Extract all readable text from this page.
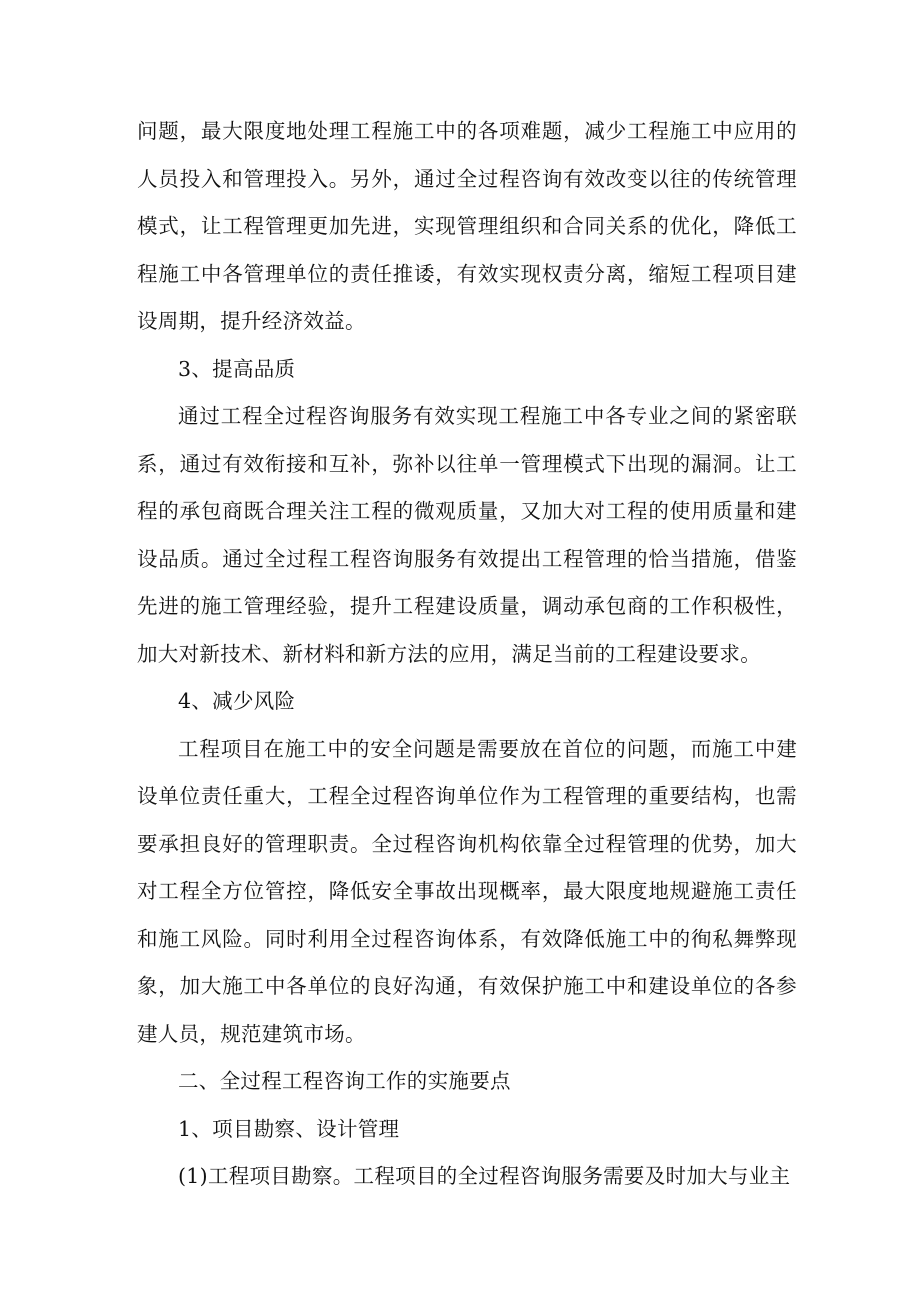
问题，最大限度地处理工程施工中的各项难题，减少工程施工中应用的人员投入和管理投入。另外，通过全过程咨询有效改变以往的传统管理模式，让工程管理更加先进，实现管理组织和合同关系的优化，降低工程施工中各管理单位的责任推诿，有效实现权责分离，缩短工程项目建设周期，提升经济效益。

3、提高品质

通过工程全过程咨询服务有效实现工程施工中各专业之间的紧密联系，通过有效衔接和互补，弥补以往单一管理模式下出现的漏洞。让工程的承包商既合理关注工程的微观质量，又加大对工程的使用质量和建设品质。通过全过程工程咨询服务有效提出工程管理的恰当措施，借鉴先进的施工管理经验，提升工程建设质量，调动承包商的工作积极性，加大对新技术、新材料和新方法的应用，满足当前的工程建设要求。

4、减少风险

工程项目在施工中的安全问题是需要放在首位的问题，而施工中建设单位责任重大，工程全过程咨询单位作为工程管理的重要结构，也需要承担良好的管理职责。全过程咨询机构依靠全过程管理的优势，加大对工程全方位管控，降低安全事故出现概率，最大限度地规避施工责任和施工风险。同时利用全过程咨询体系，有效降低施工中的徇私舞弊现象，加大施工中各单位的良好沟通，有效保护施工中和建设单位的各参建人员，规范建筑市场。

二、全过程工程咨询工作的实施要点

1、项目勘察、设计管理

(1)工程项目勘察。工程项目的全过程咨询服务需要及时加大与业主
